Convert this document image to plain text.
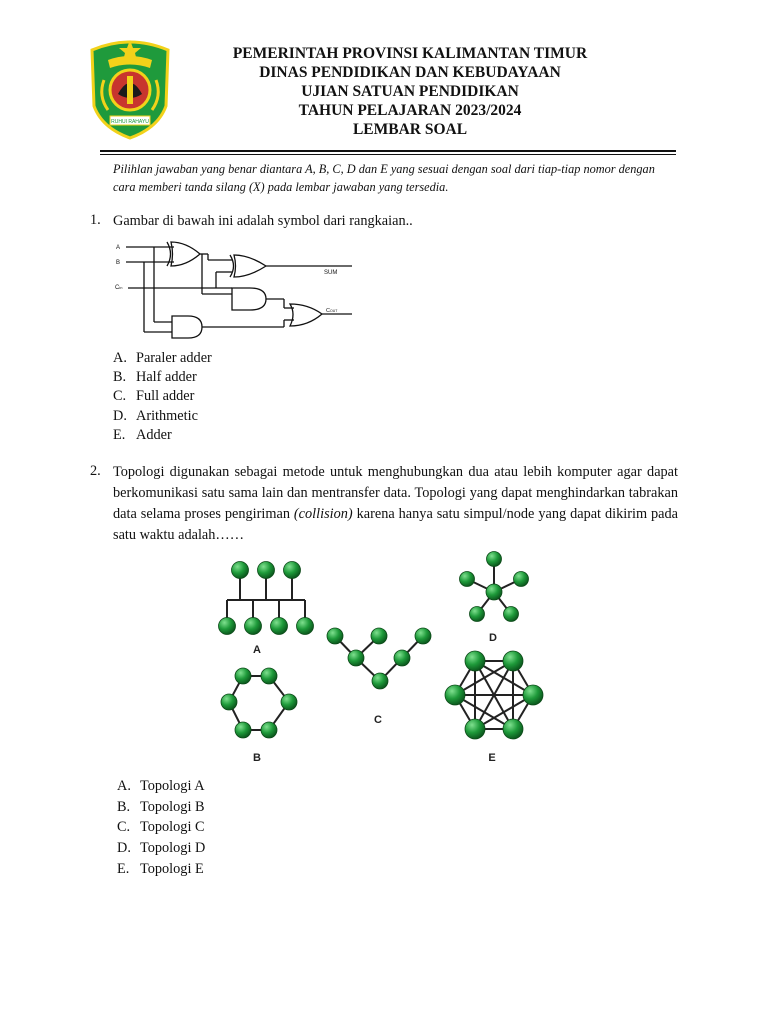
RUHUI RAHAYU
PEMERINTAH PROVINSI KALIMANTAN TIMUR
DINAS PENDIDIKAN DAN KEBUDAYAAN
UJIAN SATUAN PENDIDIKAN
TAHUN PELAJARAN 2023/2024
LEMBAR SOAL
Pilihlan jawaban yang benar diantara A, B, C, D dan E yang sesuai dengan soal dari tiap-tiap nomor dengan cara memberi tanda silang (X) pada lembar jawaban yang tersedia.
1. Gambar di bawah ini adalah symbol dari rangkaian..
A
B
Cin
SUM
COUT
A. Paraler adder
B. Half adder
C. Full adder
D. Arithmetic
E. Adder
2. Topologi digunakan sebagai metode untuk menghubungkan dua atau lebih komputer agar dapat berkomunikasi satu sama lain dan mentransfer data. Topologi yang dapat menghindarkan tabrakan data selama proses pengiriman (collision) karena hanya satu simpul/node yang dapat dikirim pada satu waktu adalah……
A
B
C
D
E
A. Topologi A
B. Topologi B
C. Topologi C
D. Topologi D
E. Topologi E
